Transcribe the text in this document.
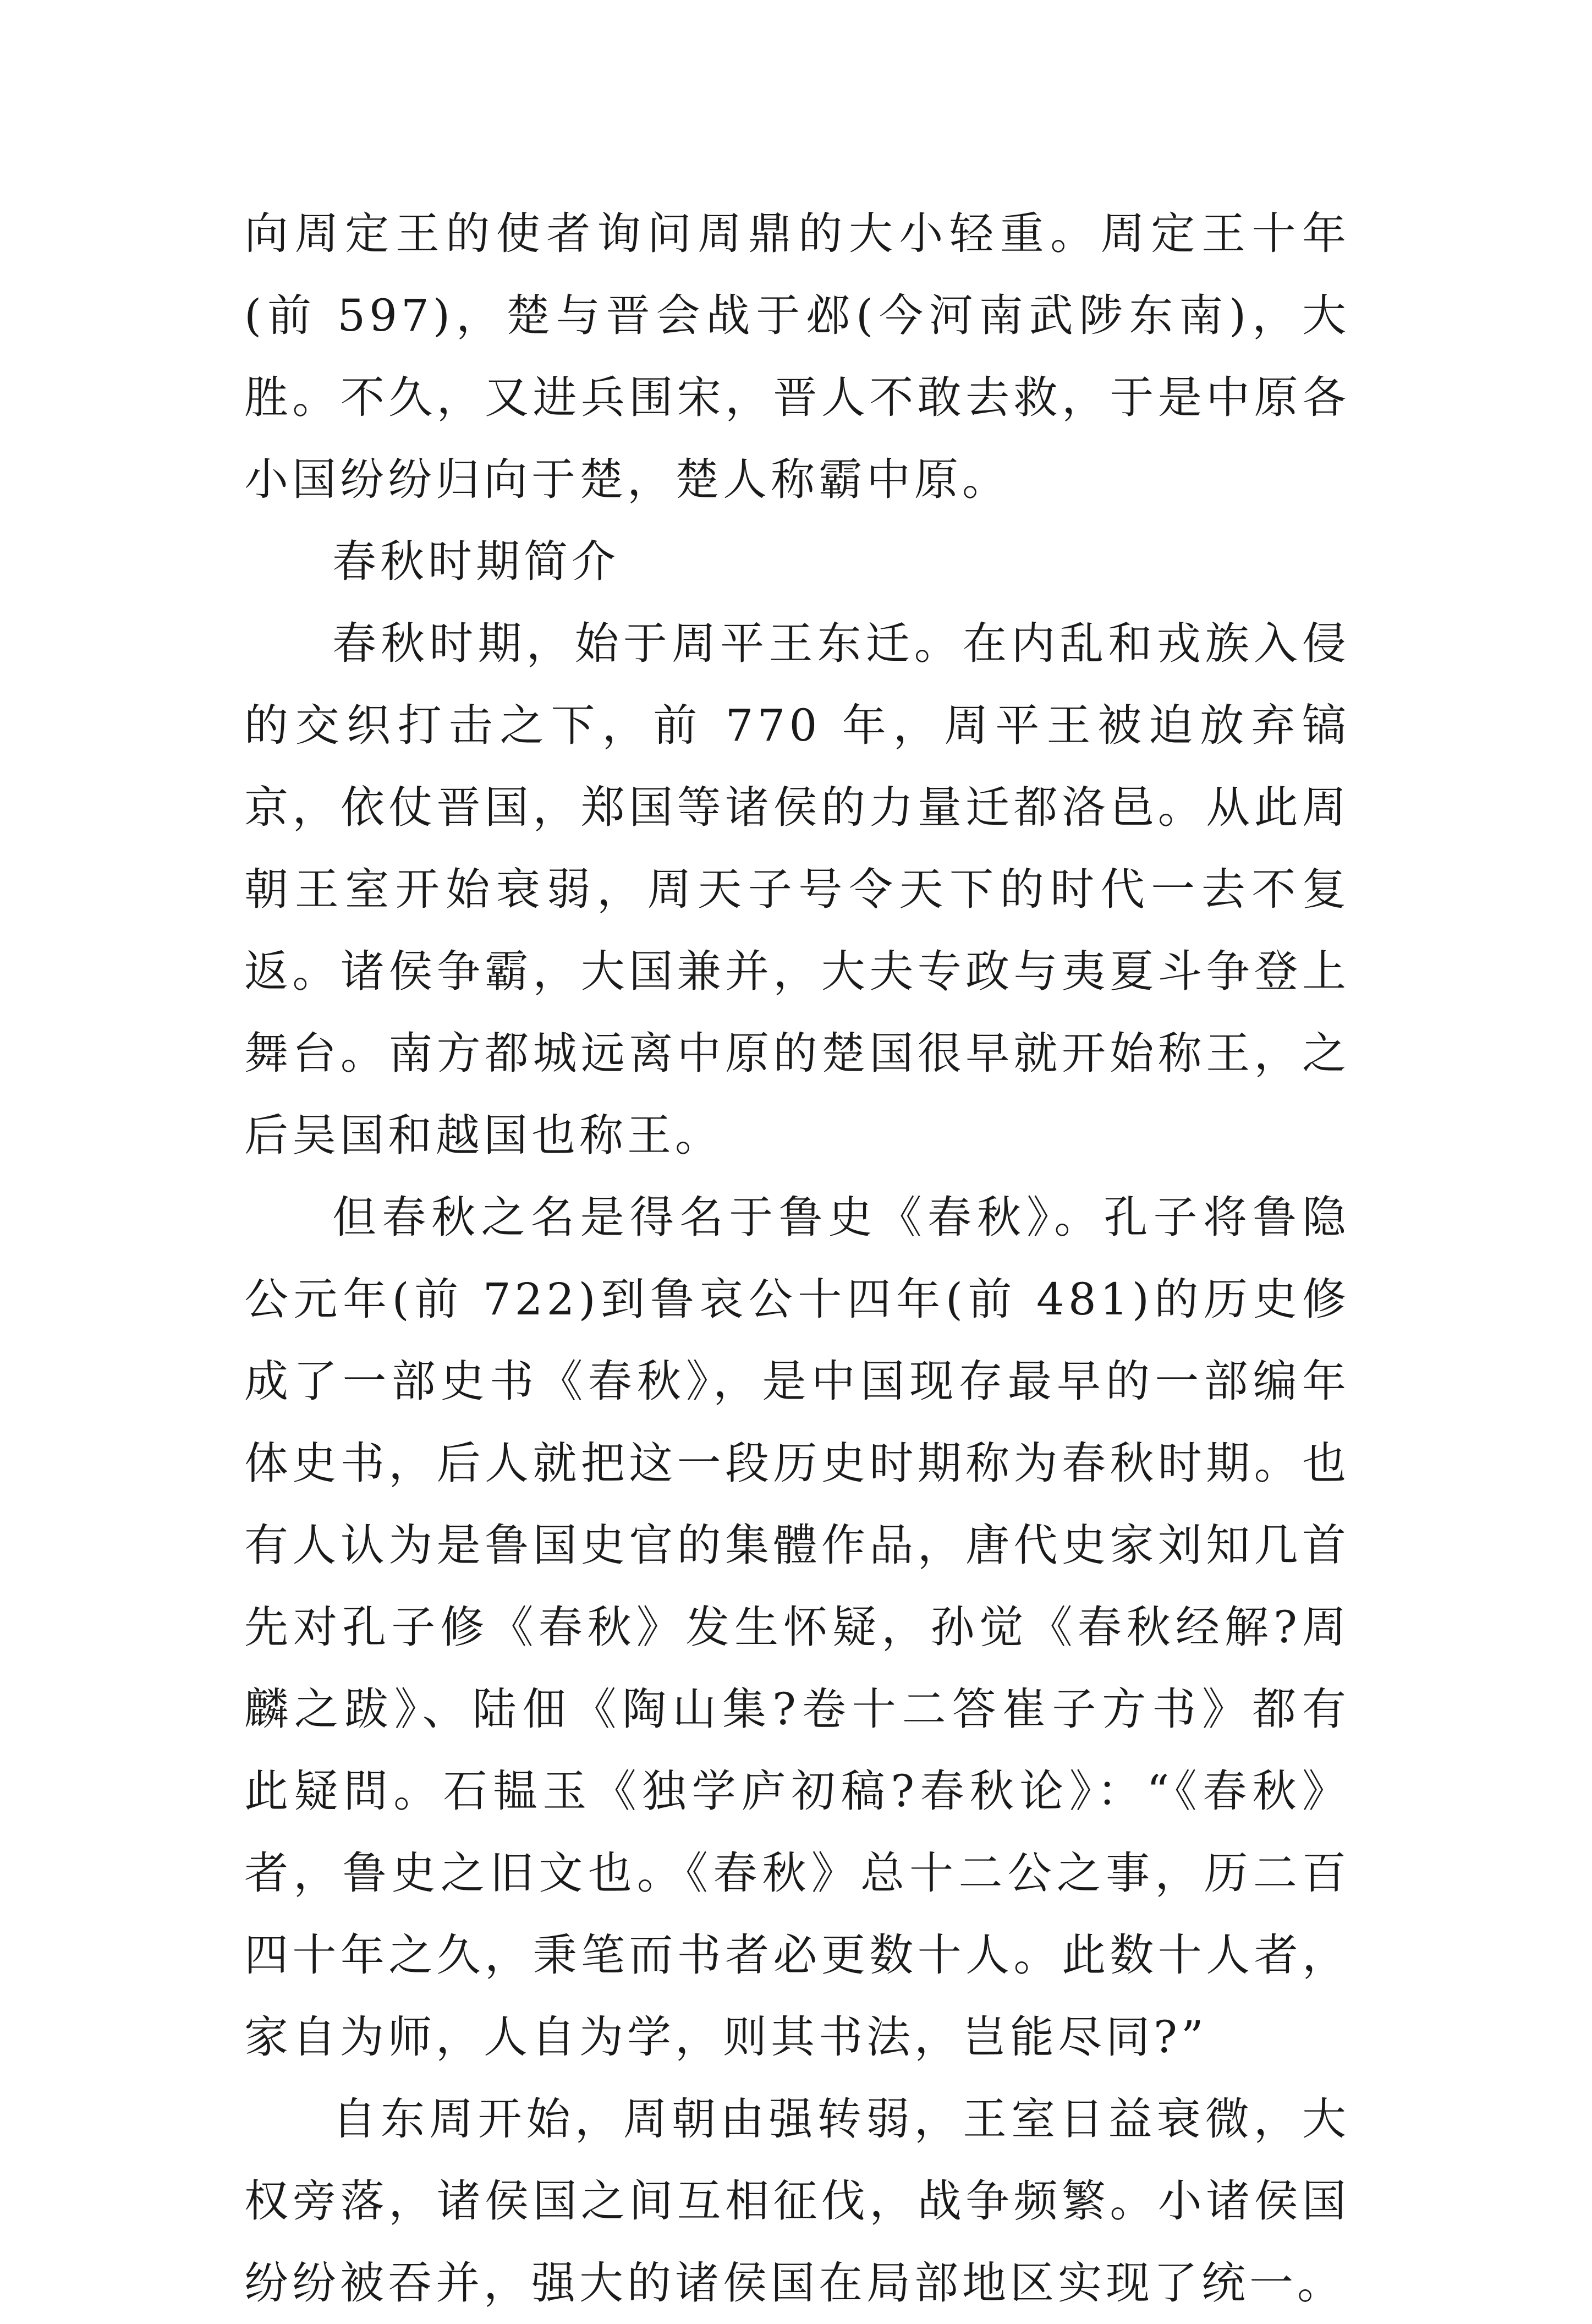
向周定王的使者询问周鼎的大小轻重。周定王十年(前 597)，楚与晋会战于邲(今河南武陟东南)，大胜。不久，又进兵围宋，晋人不敢去救，于是中原各小国纷纷归向于楚，楚人称霸中原。

春秋时期简介

春秋时期，始于周平王东迁。在内乱和戎族入侵的交织打击之下，前 770 年，周平王被迫放弃镐京，依仗晋国，郑国等诸侯的力量迁都洛邑。从此周朝王室开始衰弱，周天子号令天下的时代一去不复返。诸侯争霸，大国兼并，大夫专政与夷夏斗争登上舞台。南方都城远离中原的楚国很早就开始称王，之后吴国和越国也称王。

但春秋之名是得名于鲁史《春秋》。孔子将鲁隐公元年(前 722)到鲁哀公十四年(前 481)的历史修成了一部史书《春秋》，是中国现存最早的一部编年体史书，后人就把这一段历史时期称为春秋时期。也有人认为是鲁国史官的集體作品，唐代史家刘知几首先对孔子修《春秋》发生怀疑，孙觉《春秋经解?周麟之跋》、陆佃《陶山集?卷十二答崔子方书》都有此疑問。石韫玉《独学庐初稿?春秋论》：“《春秋》者，鲁史之旧文也。《春秋》总十二公之事，历二百四十年之久，秉笔而书者必更数十人。此数十人者，家自为师，人自为学，则其书法，岂能尽同?”

自东周开始，周朝由强转弱，王室日益衰微，大权旁落，诸侯国之间互相征伐，战争频繁。小诸侯国纷纷被吞并，强大的诸侯国在局部地区实现了统一。
